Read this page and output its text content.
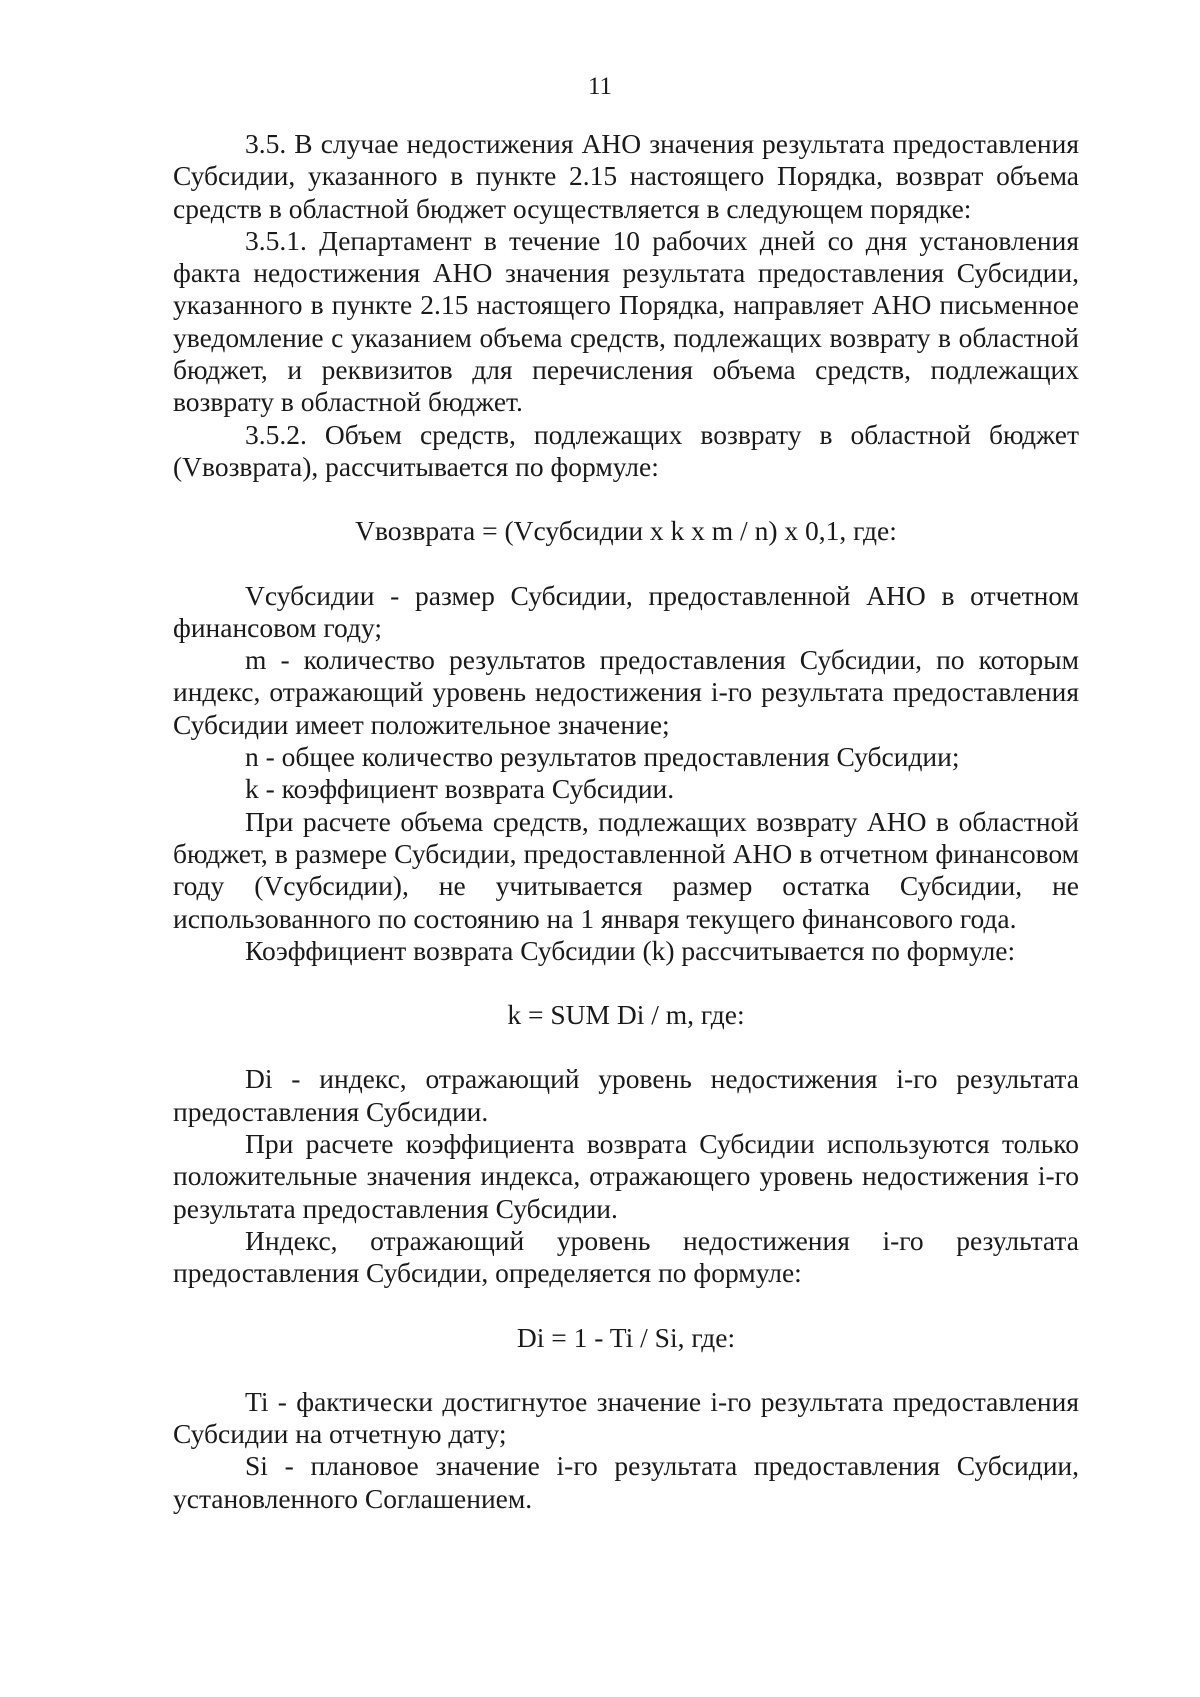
11

3.5. В случае недостижения АНО значения результата предоставления Субсидии, указанного в пункте 2.15 настоящего Порядка, возврат объема средств в областной бюджет осуществляется в следующем порядке:

3.5.1. Департамент в течение 10 рабочих дней со дня установления факта недостижения АНО значения результата предоставления Субсидии, указанного в пункте 2.15 настоящего Порядка, направляет АНО письменное уведомление с указанием объема средств, подлежащих возврату в областной бюджет, и реквизитов для перечисления объема средств, подлежащих возврату в областной бюджет.

3.5.2. Объем средств, подлежащих возврату в областной бюджет (Vвозврата), рассчитывается по формуле:

Vвозврата = (Vсубсидии x k x m / n) x 0,1, где:

Vсубсидии - размер Субсидии, предоставленной АНО в отчетном финансовом году;

m - количество результатов предоставления Субсидии, по которым индекс, отражающий уровень недостижения i-го результата предоставления Субсидии имеет положительное значение;

n - общее количество результатов предоставления Субсидии;

k - коэффициент возврата Субсидии.

При расчете объема средств, подлежащих возврату АНО в областной бюджет, в размере Субсидии, предоставленной АНО в отчетном финансовом году (Vсубсидии), не учитывается размер остатка Субсидии, не использованного по состоянию на 1 января текущего финансового года.

Коэффициент возврата Субсидии (k) рассчитывается по формуле:

k = SUM Di / m, где:

Di - индекс, отражающий уровень недостижения i-го результата предоставления Субсидии.

При расчете коэффициента возврата Субсидии используются только положительные значения индекса, отражающего уровень недостижения i-го результата предоставления Субсидии.

Индекс, отражающий уровень недостижения i-го результата предоставления Субсидии, определяется по формуле:

Di = 1 - Ti / Si, где:

Ti - фактически достигнутое значение i-го результата предоставления Субсидии на отчетную дату;

Si - плановое значение i-го результата предоставления Субсидии, установленного Соглашением.
